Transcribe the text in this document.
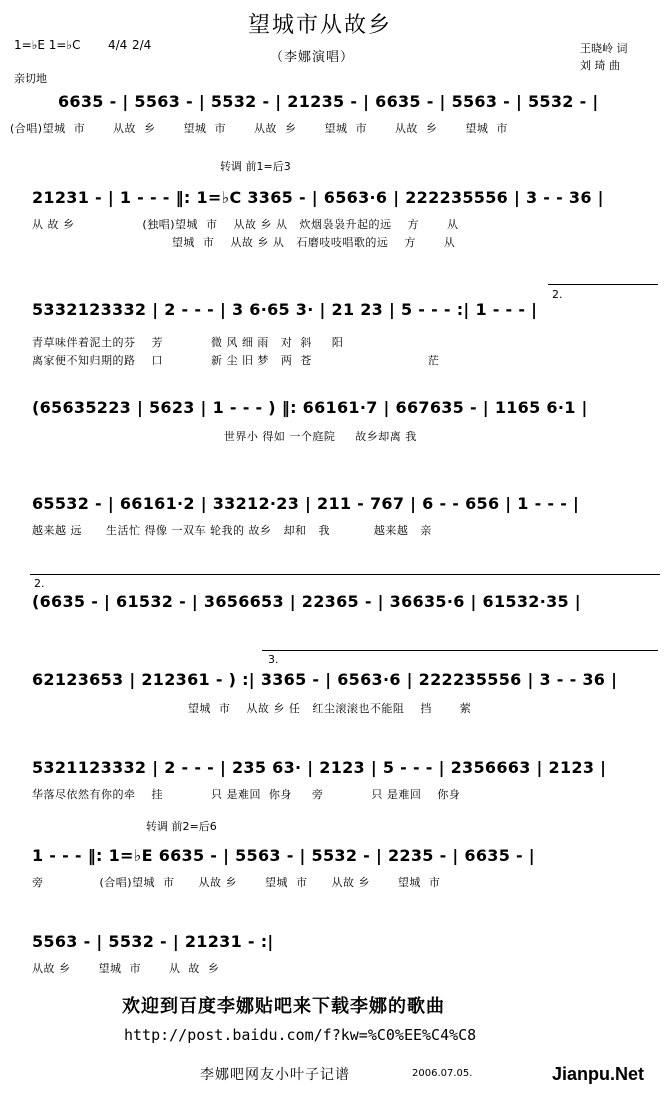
望城市从故乡
（李娜演唱）
1=♭E 1=♭C 4/4 2/4
亲切地
王晓岭 词
刘 琦 曲
6635 - | 5563 - | 5532 - | 21235 - | 6635 - | 5563 - | 5532 - |
(合唱)望城  市       从故  乡       望城  市       从故  乡       望城  市       从故  乡       望城  市
转调 前1=后3
21231 - | 1 - - - ‖: 1=♭C 3365 - | 6563·6 | 222235556 | 3 - - 36 |
从 故 乡                 (独唱)望城  市    从故 乡 从   炊烟袅袅升起的远    方       从
望城  市    从故 乡 从   石磨吱吱唱歌的远    方       从
2.
5332123332 | 2 - - - | 3 6·65 3· | 21 23 | 5 - - - :| 1 - - - |
青草味伴着泥土的芬    芳            微 风 细 雨   对  斜     阳
离家便不知归期的路    口            新 尘 旧 梦   两  苍                             茫
(65635223 | 5623 | 1 - - - ) ‖: 66161·7 | 667635 - | 1165 6·1 |
世界小 得如 一个庭院     故乡却离 我
65532 - | 66161·2 | 33212·23 | 211 - 767 | 6 - - 656 | 1 - - - |
越来越 远      生活忙 得像 一双车 轮我的 故乡   却和   我           越来越   亲
2.
(6635 - | 61532 - | 3656653 | 22365 - | 36635·6 | 61532·35 |
3.
62123653 | 212361 - ) :| 3365 - | 6563·6 | 222235556 | 3 - - 36 |
望城  市    从故 乡 任   红尘滚滚也不能阻    挡       萦
5321123332 | 2 - - - | 235 63· | 2123 | 5 - - - | 2356663 | 2123 |
华落尽依然有你的牵    挂            只 是难回  你身     旁            只 是难回    你身
转调 前2=后6
1 - - - ‖: 1=♭E 6635 - | 5563 - | 5532 - | 2235 - | 6635 - |
旁              (合唱)望城  市      从故 乡       望城  市      从故 乡       望城  市
5563 - | 5532 - | 21231 - :|
从故 乡       望城  市       从  故  乡
欢迎到百度李娜贴吧来下载李娜的歌曲
http://post.baidu.com/f?kw=%C0%EE%C4%C8
李娜吧网友小叶子记谱	2006.07.05.	Jianpu.Net
